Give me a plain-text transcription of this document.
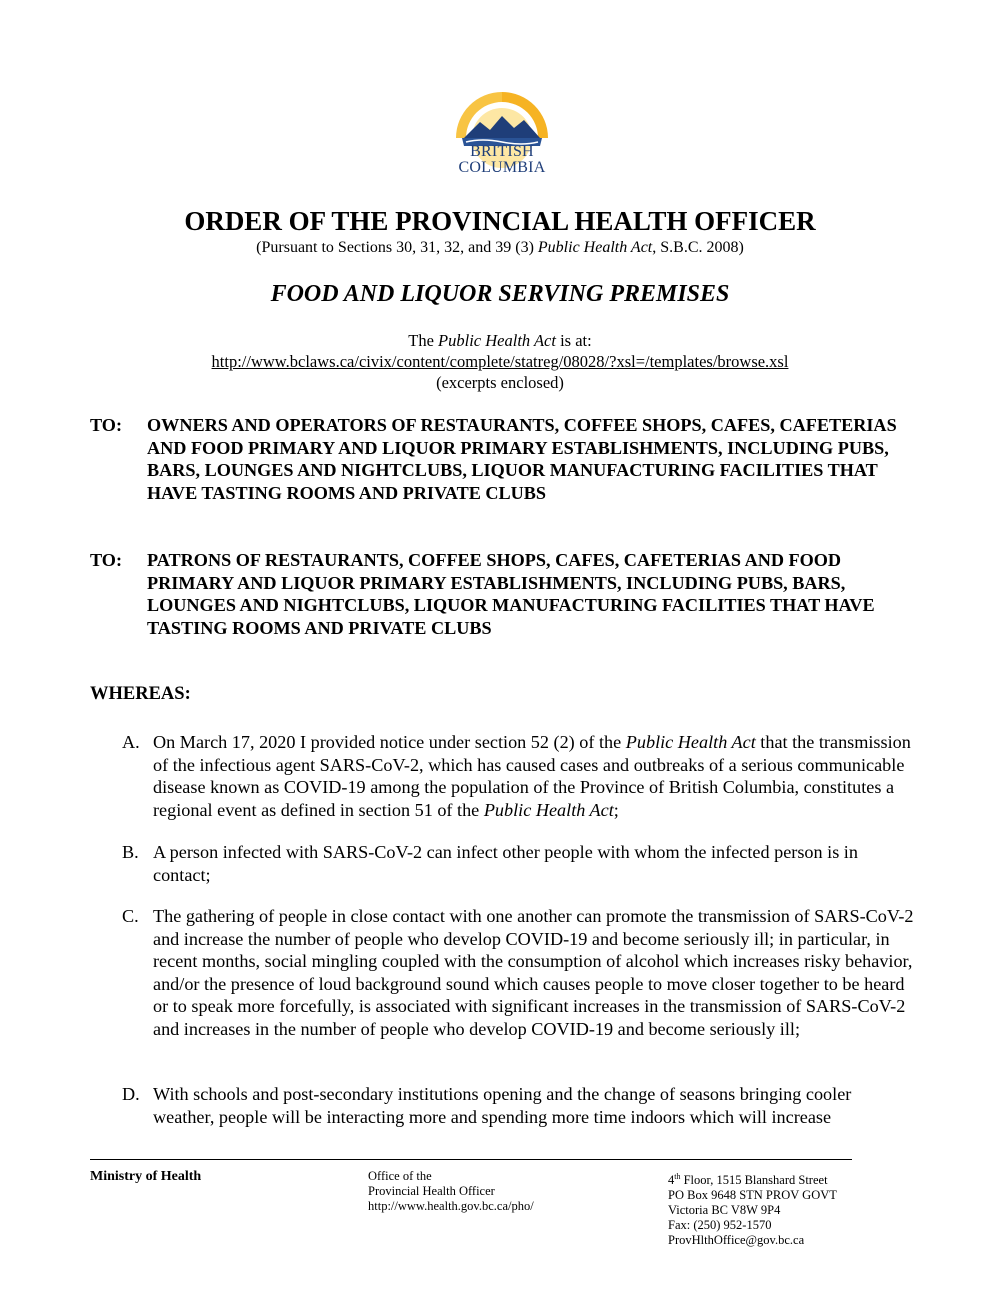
BRITISH
COLUMBIA
ORDER OF THE PROVINCIAL HEALTH OFFICER
(Pursuant to Sections 30, 31, 32, and 39 (3) Public Health Act, S.B.C. 2008)
FOOD AND LIQUOR SERVING PREMISES
The Public Health Act is at:
http://www.bclaws.ca/civix/content/complete/statreg/08028/?xsl=/templates/browse.xsl
(excerpts enclosed)
TO: OWNERS AND OPERATORS OF RESTAURANTS, COFFEE SHOPS, CAFES, CAFETERIAS AND FOOD PRIMARY AND LIQUOR PRIMARY ESTABLISHMENTS, INCLUDING PUBS, BARS, LOUNGES AND NIGHTCLUBS, LIQUOR MANUFACTURING FACILITIES THAT HAVE TASTING ROOMS AND PRIVATE CLUBS
TO: PATRONS OF RESTAURANTS, COFFEE SHOPS, CAFES, CAFETERIAS AND FOOD PRIMARY AND LIQUOR PRIMARY ESTABLISHMENTS, INCLUDING PUBS, BARS, LOUNGES AND NIGHTCLUBS, LIQUOR MANUFACTURING FACILITIES THAT HAVE TASTING ROOMS AND PRIVATE CLUBS
WHEREAS:
A. On March 17, 2020 I provided notice under section 52 (2) of the Public Health Act that the transmission of the infectious agent SARS-CoV-2, which has caused cases and outbreaks of a serious communicable disease known as COVID-19 among the population of the Province of British Columbia, constitutes a regional event as defined in section 51 of the Public Health Act;
B. A person infected with SARS-CoV-2 can infect other people with whom the infected person is in contact;
C. The gathering of people in close contact with one another can promote the transmission of SARS-CoV-2 and increase the number of people who develop COVID-19 and become seriously ill; in particular, in recent months, social mingling coupled with the consumption of alcohol which increases risky behavior, and/or the presence of loud background sound which causes people to move closer together to be heard or to speak more forcefully, is associated with significant increases in the transmission of SARS-CoV-2 and increases in the number of people who develop COVID-19 and become seriously ill;
D. With schools and post-secondary institutions opening and the change of seasons bringing cooler weather, people will be interacting more and spending more time indoors which will increase
Ministry of Health	Office of the
Provincial Health Officer
http://www.health.gov.bc.ca/pho/
4th Floor, 1515 Blanshard Street
PO Box 9648 STN PROV GOVT
Victoria BC V8W 9P4
Fax: (250) 952-1570
ProvHlthOffice@gov.bc.ca
